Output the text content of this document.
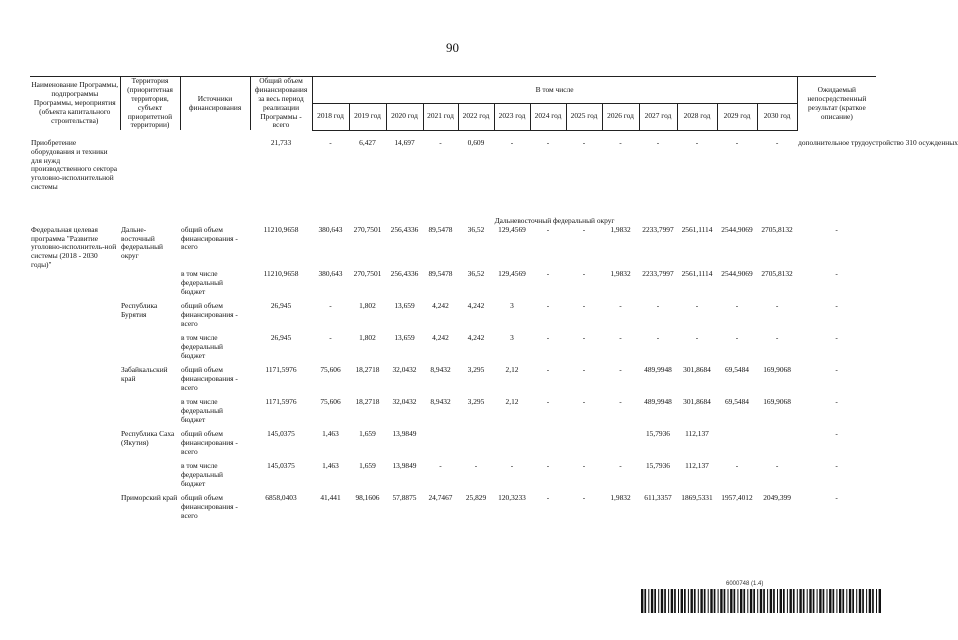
90
Наименование Программы, подпрограммы Программы, мероприятия (объекта капитального строительства)	Территория (приоритетная территория, субъект приоритетной территории)	Источники финансирования	Общий объем финансирования за весь период реализации Программы - всего	В том числе													Ожидаемый непосредственный результат (краткое описание)
				2018 год	2019 год	2020 год	2021 год	2022 год	2023 год	2024 год	2025 год	2026 год	2027 год	2028 год	2029 год	2030 год	

Приобретение оборудования и техники для нужд производственного сектора уголовно-исполнительной системы			21,733	-	6,427	14,697	-	0,609	-	-	-	-	-	-	-	-	дополнительное трудоустройство 310 осужденных
				Дальневосточный федеральный округ													
Федеральная целевая программа "Развитие уголовно-исполнитель-ной системы (2018 - 2030 годы)"	Дальне-восточный федеральный округ	общий объем финансирования - всего	11210,9658	380,643	270,7501	256,4336	89,5478	36,52	129,4569	-	-	1,9832	2233,7997	2561,1114	2544,9069	2705,8132	-
		в том числе федеральный бюджет	11210,9658	380,643	270,7501	256,4336	89,5478	36,52	129,4569	-	-	1,9832	2233,7997	2561,1114	2544,9069	2705,8132	-
	Республика Бурятия	общий объем финансирования - всего	26,945	-	1,802	13,659	4,242	4,242	3	-	-	-	-	-	-	-	-
		в том числе федеральный бюджет	26,945	-	1,802	13,659	4,242	4,242	3	-	-	-	-	-	-	-	-
	Забайкальский край	общий объем финансирования - всего	1171,5976	75,606	18,2718	32,0432	8,9432	3,295	2,12	-	-	-	489,9948	301,8684	69,5484	169,9068	-
		в том числе федеральный бюджет	1171,5976	75,606	18,2718	32,0432	8,9432	3,295	2,12	-	-	-	489,9948	301,8684	69,5484	169,9068	-
	Республика Саха (Якутия)	общий объем финансирования - всего	145,0375	1,463	1,659	13,9849							15,7936	112,137			-
		в том числе федеральный бюджет	145,0375	1,463	1,659	13,9849	-	-	-	-	-	-	15,7936	112,137	-	-	-
	Приморский край	общий объем финансирования - всего	6858,0403	41,441	98,1606	57,8875	24,7467	25,829	120,3233	-	-	1,9832	611,3357	1869,5331	1957,4012	2049,399	-
6000748 (1.4)
